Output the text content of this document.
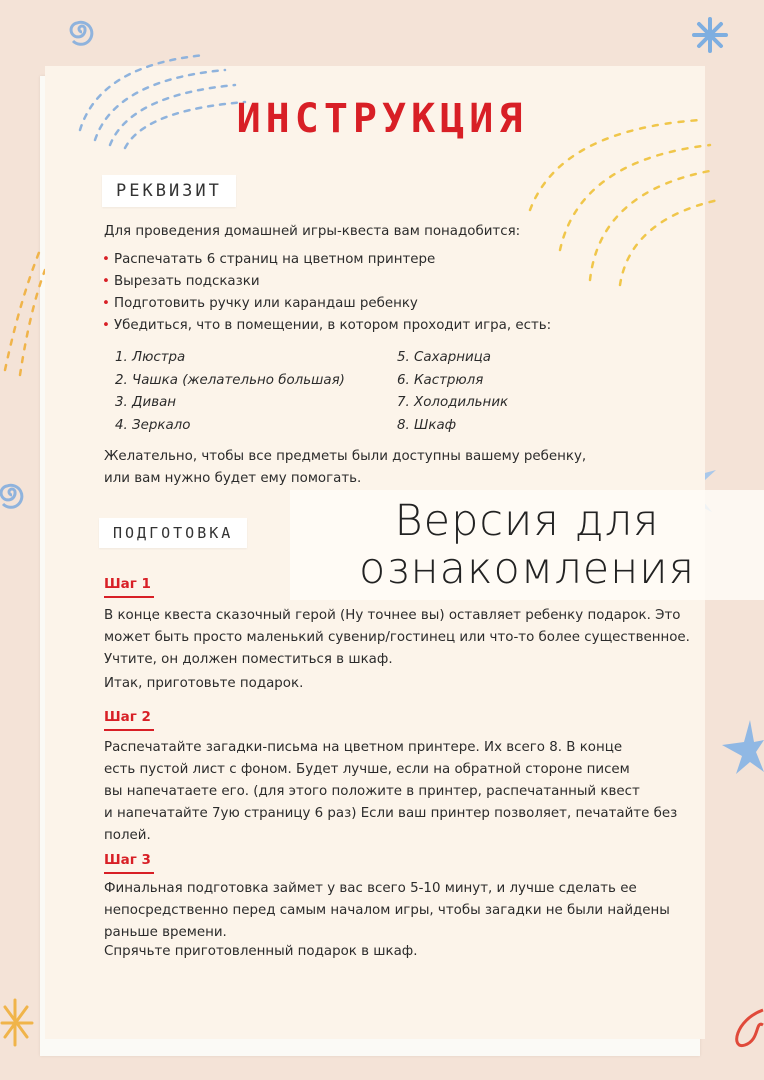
ИНСТРУКЦИЯ
РЕКВИЗИТ
Для проведения домашней игры-квеста вам понадобится:
• Распечатать 6 страниц на цветном принтере
• Вырезать подсказки
• Подготовить ручку или карандаш ребенку
• Убедиться, что в помещении, в котором проходит игра, есть:
1. Люстра
2. Чашка (желательно большая)
3. Диван
4. Зеркало
5. Сахарница
6. Кастрюля
7. Холодильник
8. Шкаф
Желательно, чтобы все предметы были доступны вашему ребенку,
или вам нужно будет ему помогать.
ПОДГОТОВКА
Шаг 1
В конце квеста сказочный герой (Ну точнее вы) оставляет ребенку подарок. Это
может быть просто маленький сувенир/гостинец или что-то более существенное.
Учтите, он должен поместиться в шкаф.
Итак, приготовьте подарок.
Шаг 2
Распечатайте загадки-письма на цветном принтере. Их всего 8. В конце
есть пустой лист с фоном. Будет лучше, если на обратной стороне писем
вы напечатаете его. (для этого положите в принтер, распечатанный квест
и напечатайте 7ую страницу 6 раз) Если ваш принтер позволяет, печатайте без
полей.
Шаг 3
Финальная подготовка займет у вас всего 5-10 минут, и лучше сделать ее
непосредственно перед самым началом игры, чтобы загадки не были найдены
раньше времени.
Спрячьте приготовленный подарок в шкаф.
Версия для
ознакомления
